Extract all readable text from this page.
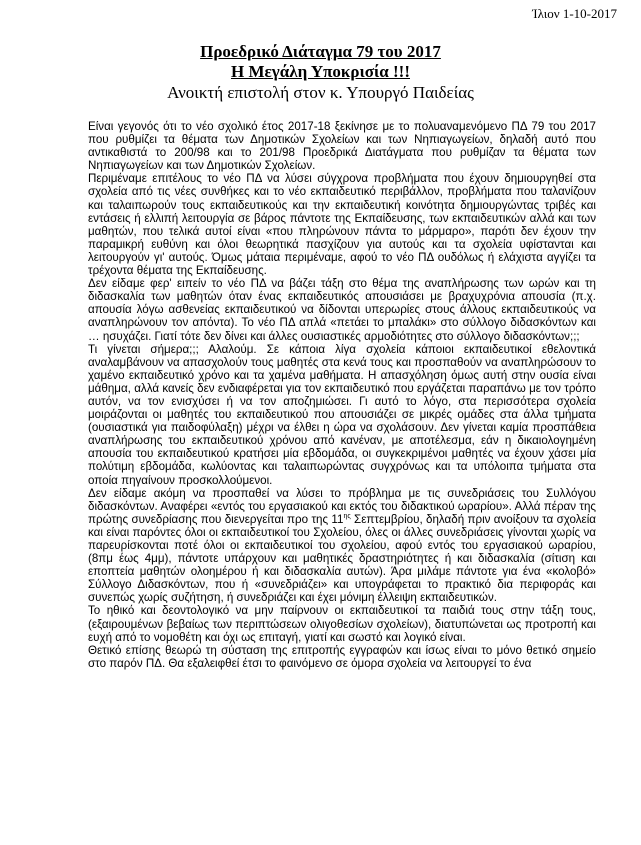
Ίλιον 1-10-2017
Προεδρικό Διάταγμα 79 του 2017
Η Μεγάλη Υποκρισία !!!
Ανοικτή επιστολή στον κ. Υπουργό Παιδείας

Είναι γεγονός ότι το νέο σχολικό έτος 2017-18 ξεκίνησε με το πολυαναμενόμενο ΠΔ 79 του 2017 που ρυθμίζει τα θέματα των Δημοτικών Σχολείων και των Νηπιαγωγείων, δηλαδή αυτό που αντικαθιστά το 200/98 και το 201/98 Προεδρικά Διατάγματα που ρυθμίζαν τα θέματα των Νηπιαγωγείων και των Δημοτικών Σχολείων.

Περιμέναμε επιτέλους το νέο ΠΔ να λύσει σύγχρονα προβλήματα που έχουν δημιουργηθεί στα σχολεία από τις νέες συνθήκες και το νέο εκπαιδευτικό περιβάλλον, προβλήματα που ταλανίζουν και ταλαιπωρούν τους εκπαιδευτικούς και την εκπαιδευτική κοινότητα δημιουργώντας τριβές και εντάσεις ή ελλιπή λειτουργία σε βάρος πάντοτε της Εκπαίδευσης, των εκπαιδευτικών αλλά και των μαθητών, που τελικά αυτοί είναι «που πληρώνουν πάντα το μάρμαρο», παρότι δεν έχουν την παραμικρή ευθύνη και όλοι θεωρητικά πασχίζουν για αυτούς και τα σχολεία υφίστανται και λειτουργούν γι' αυτούς. Όμως μάταια περιμέναμε, αφού το νέο ΠΔ ουδόλως ή ελάχιστα αγγίζει τα τρέχοντα θέματα της Εκπαίδευσης.

Δεν είδαμε φερ' ειπείν το νέο ΠΔ να βάζει τάξη στο θέμα της αναπλήρωσης των ωρών και τη διδασκαλία των μαθητών όταν ένας εκπαιδευτικός απουσιάσει με βραχυχρόνια απουσία (π.χ. απουσία λόγω ασθενείας εκπαιδευτικού να δίδονται υπερωρίες στους άλλους εκπαιδευτικούς να αναπληρώνουν τον απόντα). Το νέο ΠΔ απλά «πετάει το μπαλάκι» στο σύλλογο διδασκόντων και … ησυχάζει. Γιατί τότε δεν δίνει και άλλες ουσιαστικές αρμοδιότητες στο σύλλογο διδασκόντων;;;

Τι γίνεται σήμερα;;; Αλαλούμ. Σε κάποια λίγα σχολεία κάποιοι εκπαιδευτικοί εθελοντικά αναλαμβάνουν να απασχολούν τους μαθητές στα κενά τους και προσπαθούν να αναπληρώσουν το χαμένο εκπαιδευτικό χρόνο και τα χαμένα μαθήματα. Η απασχόληση όμως αυτή στην ουσία είναι μάθημα, αλλά κανείς δεν ενδιαφέρεται για τον εκπαιδευτικό που εργάζεται παραπάνω με τον τρόπο αυτόν, να τον ενισχύσει ή να τον αποζημιώσει. Γι αυτό το λόγο, στα περισσότερα σχολεία μοιράζονται οι μαθητές του εκπαιδευτικού που απουσιάζει σε μικρές ομάδες στα άλλα τμήματα (ουσιαστικά για παιδοφύλαξη) μέχρι να έλθει η ώρα να σχολάσουν. Δεν γίνεται καμία προσπάθεια αναπλήρωσης του εκπαιδευτικού χρόνου από κανέναν, με αποτέλεσμα, εάν η δικαιολογημένη απουσία του εκπαιδευτικού κρατήσει μία εβδομάδα, οι συγκεκριμένοι μαθητές να έχουν χάσει μία πολύτιμη εβδομάδα, κωλύοντας και ταλαιπωρώντας συγχρόνως και τα υπόλοιπα τμήματα στα οποία πηγαίνουν προσκολλούμενοι.

Δεν είδαμε ακόμη να προσπαθεί να λύσει το πρόβλημα με τις συνεδριάσεις του Συλλόγου διδασκόντων. Αναφέρει «εντός του εργασιακού και εκτός του διδακτικού ωραρίου». Αλλά πέραν της πρώτης συνεδρίασης που διενεργείται προ της $11^{\eta\varsigma}$ Σεπτεμβρίου, δηλαδή πριν ανοίξουν τα σχολεία και είναι παρόντες όλοι οι εκπαιδευτικοί του Σχολείου, όλες οι άλλες συνεδριάσεις γίνονται χωρίς να παρευρίσκονται ποτέ όλοι οι εκπαιδευτικοί του σχολείου, αφού εντός του εργασιακού ωραρίου, (8πμ έως 4μμ), πάντοτε υπάρχουν και μαθητικές δραστηριότητες ή και διδασκαλία (σίτιση και εποπτεία μαθητών ολοημέρου ή και διδασκαλία αυτών). Άρα μιλάμε πάντοτε για ένα «κολοβό» Σύλλογο Διδασκόντων, που ή «συνεδριάζει» και υπογράφεται το πρακτικό δια περιφοράς και συνεπώς χωρίς συζήτηση, ή συνεδριάζει και έχει μόνιμη έλλειψη εκπαιδευτικών.

Το ηθικό και δεοντολογικό να μην παίρνουν οι εκπαιδευτικοί τα παιδιά τους στην τάξη τους, (εξαιρουμένων βεβαίως των περιπτώσεων ολιγοθεσίων σχολείων), διατυπώνεται ως προτροπή και ευχή από το νομοθέτη και όχι ως επιταγή, γιατί και σωστό και λογικό είναι.

Θετικό επίσης θεωρώ τη σύσταση της επιτροπής εγγραφών και ίσως είναι το μόνο θετικό σημείο στο παρόν ΠΔ. Θα εξαλειφθεί έτσι το φαινόμενο σε όμορα σχολεία να λειτουργεί το ένα
